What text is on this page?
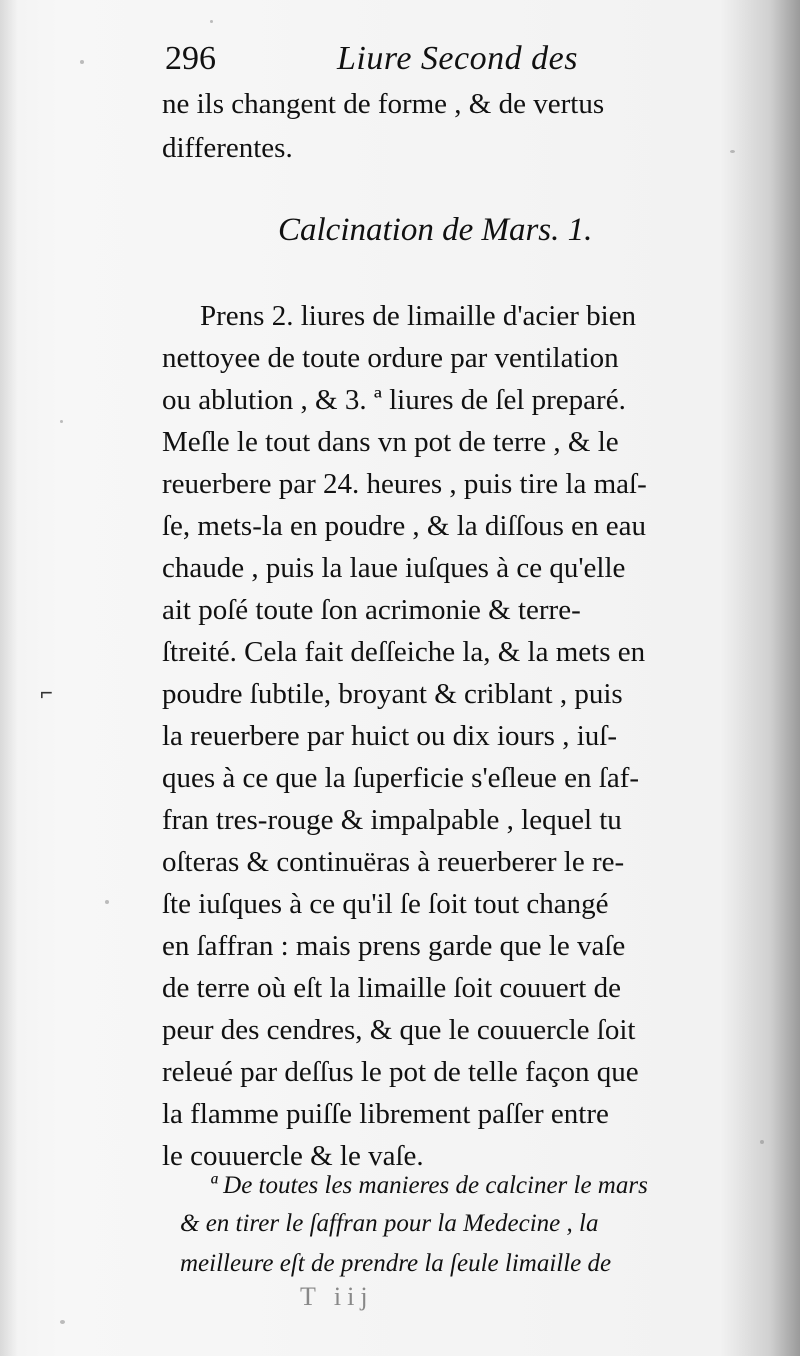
⌐
296	Liure Second des
ne ils changent de forme , & de vertus
differentes.
Calcination de Mars. 1.
Prens 2. liures de limaille d'acier bien
nettoyee de toute ordure par ventilation
ou ablution , & 3. ª liures de ſel preparé.
Meſle le tout dans vn pot de terre , & le
reuerbere par 24. heures , puis tire la maſ-
ſe, mets-la en poudre , & la diſſous en eau
chaude , puis la laue iuſques à ce qu'elle
ait poſé toute ſon acrimonie & terre-
ſtreité. Cela fait deſſeiche la, & la mets en
poudre ſubtile, broyant & criblant , puis
la reuerbere par huict ou dix iours , iuſ-
ques à ce que la ſuperficie s'eſleue en ſaf-
fran tres-rouge & impalpable , lequel tu
oſteras & continuëras à reuerberer le re-
ſte iuſques à ce qu'il ſe ſoit tout changé
en ſaffran : mais prens garde que le vaſe
de terre où eſt la limaille ſoit couuert de
peur des cendres, & que le couuercle ſoit
releué par deſſus le pot de telle façon que
la flamme puiſſe librement paſſer entre
le couuercle & le vaſe.
ª De toutes les manieres de calciner le mars
& en tirer le ſaffran pour la Medecine , la
meilleure eſt de prendre la ſeule limaille de
T iij
